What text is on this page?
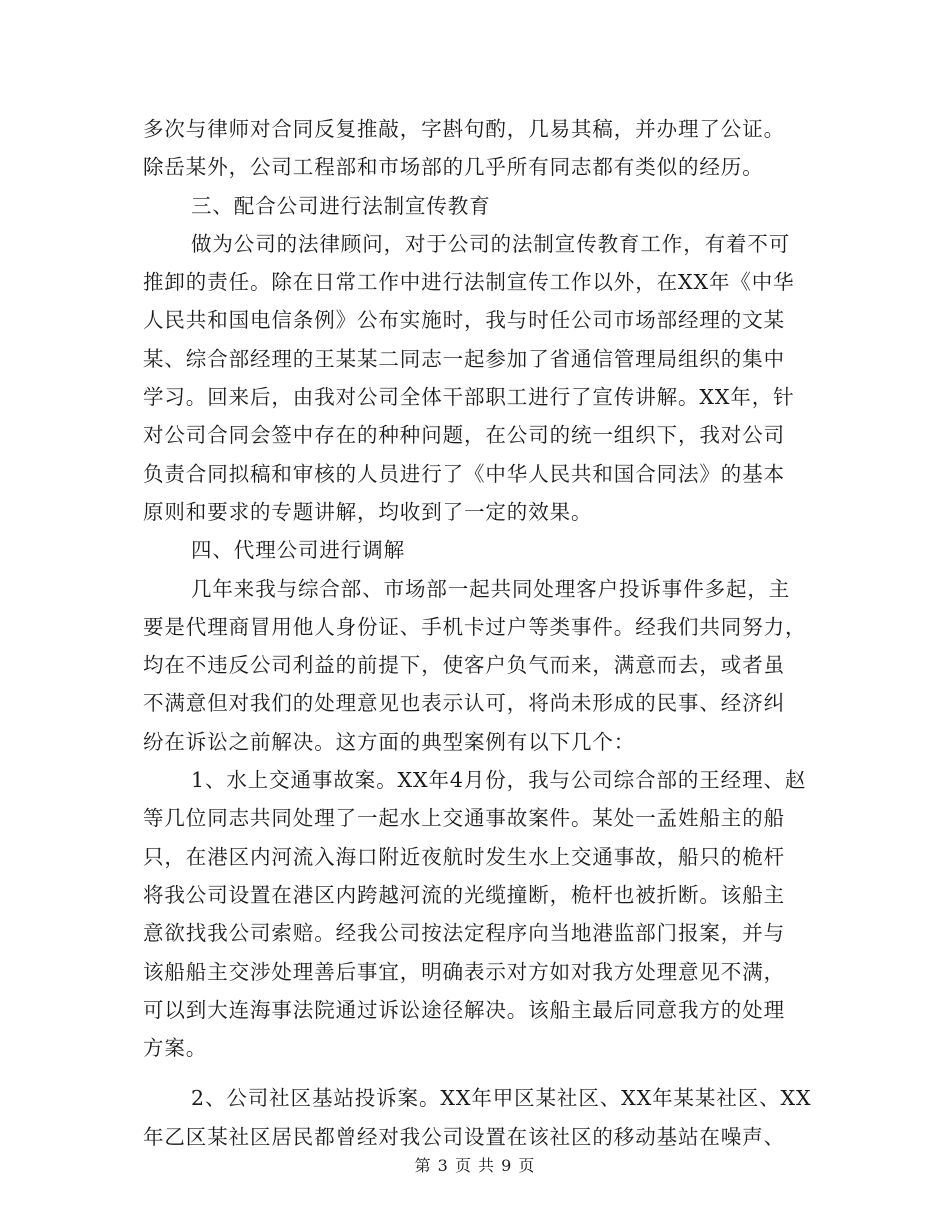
多次与律师对合同反复推敲，字斟句酌，几易其稿，并办理了公证。
除岳某外，公司工程部和市场部的几乎所有同志都有类似的经历。
三、配合公司进行法制宣传教育
做为公司的法律顾问，对于公司的法制宣传教育工作，有着不可
推卸的责任。除在日常工作中进行法制宣传工作以外，在XX年《中华
人民共和国电信条例》公布实施时，我与时任公司市场部经理的文某
某、综合部经理的王某某二同志一起参加了省通信管理局组织的集中
学习。回来后，由我对公司全体干部职工进行了宣传讲解。XX年，针
对公司合同会签中存在的种种问题，在公司的统一组织下，我对公司
负责合同拟稿和审核的人员进行了《中华人民共和国合同法》的基本
原则和要求的专题讲解，均收到了一定的效果。
四、代理公司进行调解
几年来我与综合部、市场部一起共同处理客户投诉事件多起，主
要是代理商冒用他人身份证、手机卡过户等类事件。经我们共同努力，
均在不违反公司利益的前提下，使客户负气而来，满意而去，或者虽
不满意但对我们的处理意见也表示认可，将尚未形成的民事、经济纠
纷在诉讼之前解决。这方面的典型案例有以下几个：
1、水上交通事故案。XX年4月份，我与公司综合部的王经理、赵
等几位同志共同处理了一起水上交通事故案件。某处一孟姓船主的船
只，在港区内河流入海口附近夜航时发生水上交通事故，船只的桅杆
将我公司设置在港区内跨越河流的光缆撞断，桅杆也被折断。该船主
意欲找我公司索赔。经我公司按法定程序向当地港监部门报案，并与
该船船主交涉处理善后事宜，明确表示对方如对我方处理意见不满，
可以到大连海事法院通过诉讼途径解决。该船主最后同意我方的处理
方案。
2、公司社区基站投诉案。XX年甲区某社区、XX年某某社区、XX
年乙区某社区居民都曾经对我公司设置在该社区的移动基站在噪声、
第 3 页 共 9 页
